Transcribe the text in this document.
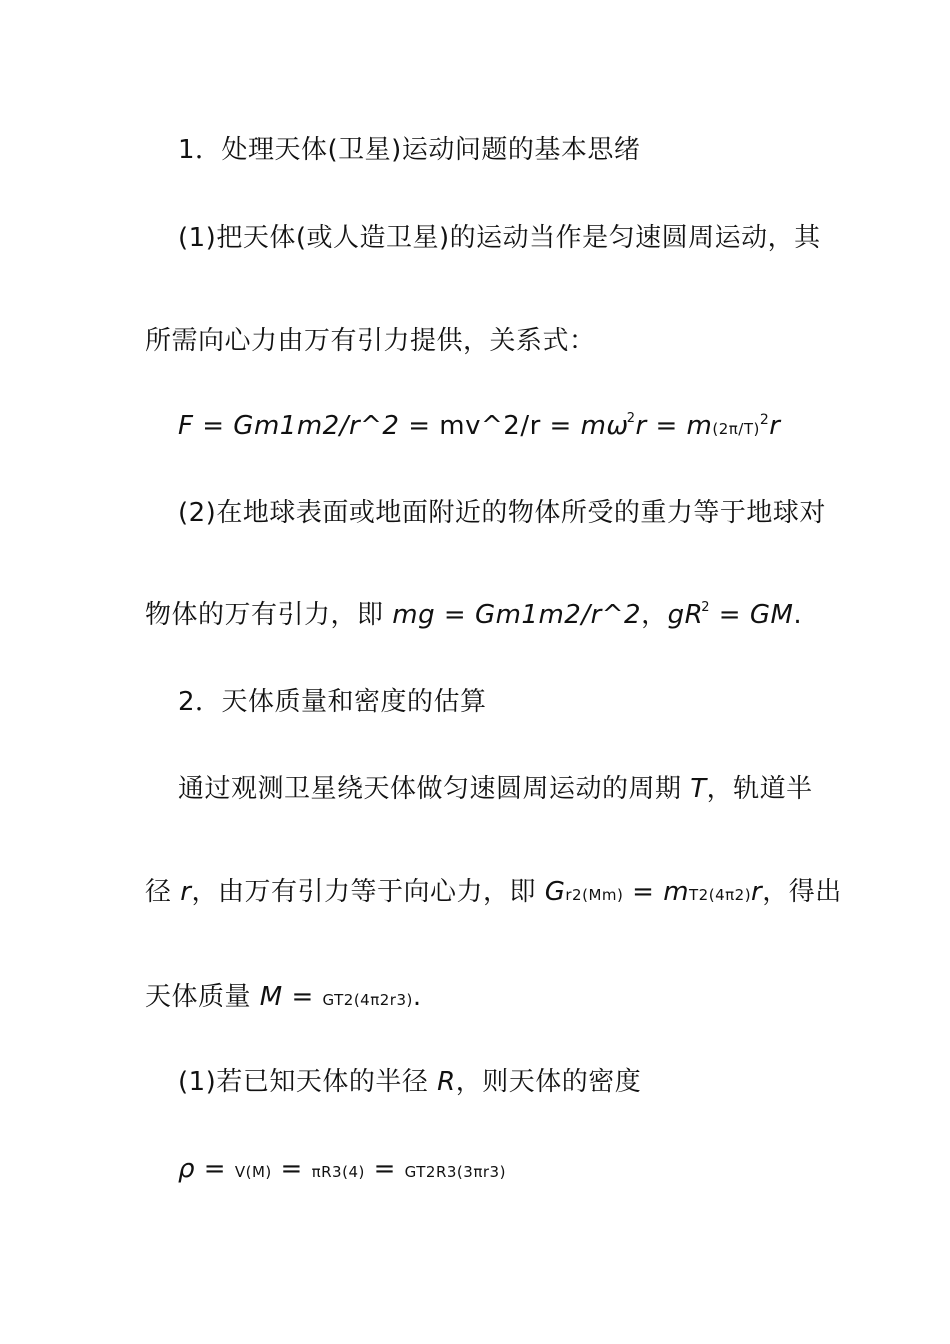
1．处理天体(卫星)运动问题的基本思绪
(1)把天体(或人造卫星)的运动当作是匀速圆周运动，其
所需向心力由万有引力提供，关系式：
F = Gm1m2/r^2 = mv^2/r = $m\omega^2r = m(2\pi/T)^2r$
(2)在地球表面或地面附近的物体所受的重力等于地球对
物体的万有引力，即 mg = Gm1m2/r^2，$gR^2$ = GM.
2．天体质量和密度的估算
通过观测卫星绕天体做匀速圆周运动的周期 T，轨道半
径 r，由万有引力等于向心力，即 Gr2(Mm) = mT2(4π2)r，得出
天体质量 M = GT2(4π2r3).
(1)若已知天体的半径 R，则天体的密度
ρ = V(M) = πR3(4) = GT2R3(3πr3)
